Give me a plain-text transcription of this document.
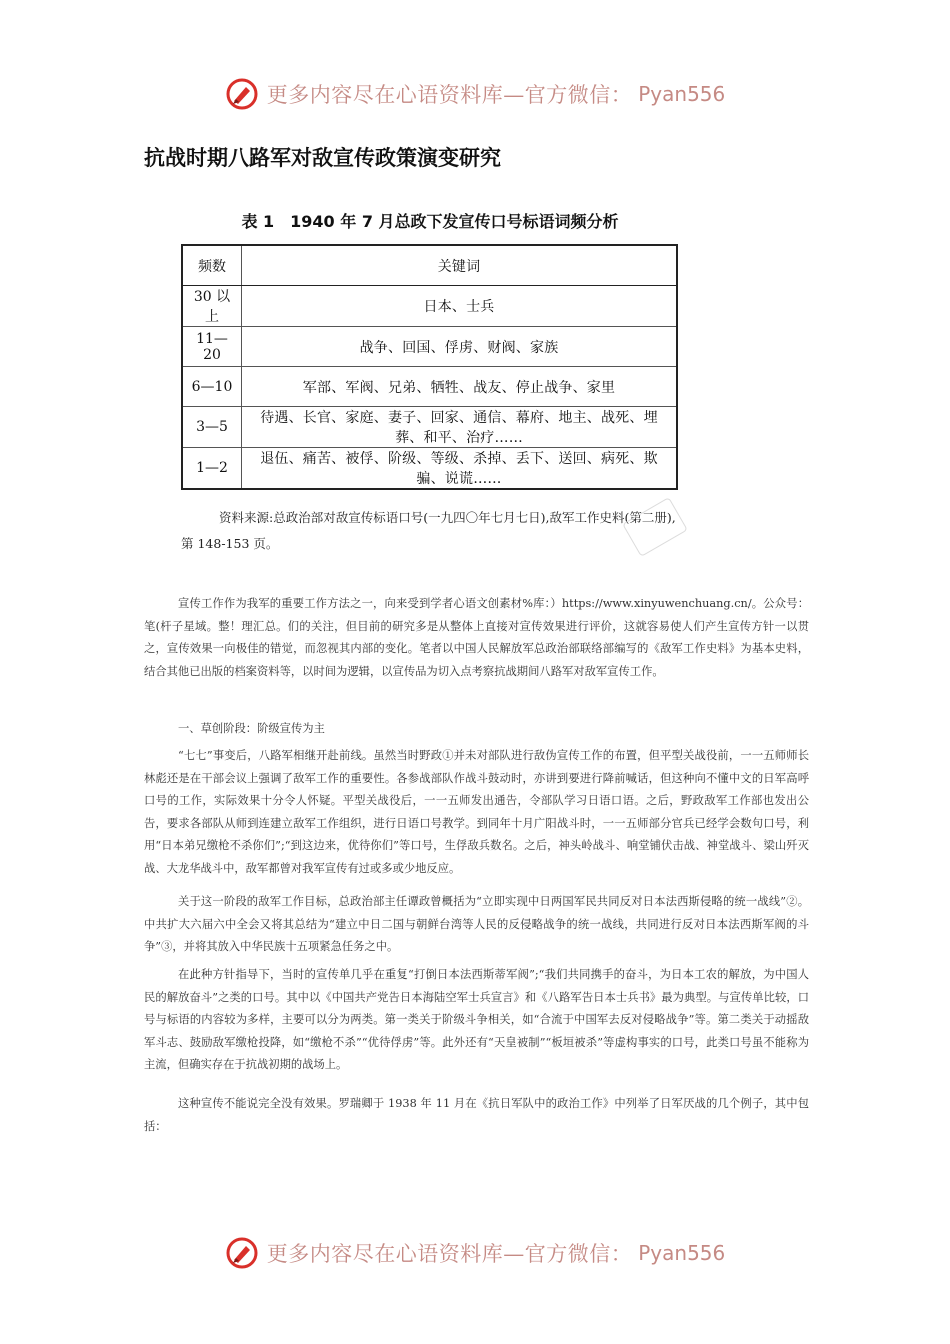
更多内容尽在心语资料库—官方微信： Pyan556
抗战时期八路军对敌宣传政策演变研究
表 1　1940 年 7 月总政下发宣传口号标语词频分析
频数	关键词
30 以上	日本、士兵
11—20	战争、回国、俘虏、财阀、家族
6—10	军部、军阀、兄弟、牺牲、战友、停止战争、家里
3—5	待遇、长官、家庭、妻子、回家、通信、幕府、地主、战死、埋葬、和平、治疗……
1—2	退伍、痛苦、被俘、阶级、等级、杀掉、丢下、送回、病死、欺骗、说谎……

资料来源:总政治部对敌宣传标语口号(一九四〇年七月七日),敌军工作史料(第二册),第 148-153 页。

宣传工作作为我军的重要工作方法之一，向来受到学者心语文创素材%库：）https://www.xinyuwenchuang.cn/。公众号：笔(杆子星域。整！理汇总。们的关注，但目前的研究多是从整体上直接对宣传效果进行评价，这就容易使人们产生宣传方针一以贯之，宣传效果一向极佳的错觉，而忽视其内部的变化。笔者以中国人民解放军总政治部联络部编写的《敌军工作史料》为基本史料，结合其他已出版的档案资料等，以时间为逻辑，以宣传品为切入点考察抗战期间八路军对敌军宣传工作。

一、草创阶段：阶级宣传为主

“七七”事变后，八路军相继开赴前线。虽然当时野政①并未对部队进行敌伪宣传工作的布置，但平型关战役前，一一五师师长林彪还是在干部会议上强调了敌军工作的重要性。各参战部队作战斗鼓动时，亦讲到要进行降前喊话，但这种向不懂中文的日军高呼口号的工作，实际效果十分令人怀疑。平型关战役后，一一五师发出通告，令部队学习日语口语。之后，野政敌军工作部也发出公告，要求各部队从师到连建立敌军工作组织，进行日语口号教学。到同年十月广阳战斗时，一一五师部分官兵已经学会数句口号，利用“日本弟兄缴枪不杀你们”;“到这边来，优待你们”等口号，生俘敌兵数名。之后，神头岭战斗、响堂铺伏击战、神堂战斗、梁山歼灭战、大龙华战斗中，敌军都曾对我军宣传有过或多或少地反应。

关于这一阶段的敌军工作目标，总政治部主任谭政曾概括为“立即实现中日两国军民共同反对日本法西斯侵略的统一战线”②。中共扩大六届六中全会又将其总结为“建立中日二国与朝鲜台湾等人民的反侵略战争的统一战线，共同进行反对日本法西斯军阀的斗争”③，并将其放入中华民族十五项紧急任务之中。

在此种方针指导下，当时的宣传单几乎在重复“打倒日本法西斯蒂军阀”;“我们共同携手的奋斗，为日本工农的解放，为中国人民的解放奋斗”之类的口号。其中以《中国共产党告日本海陆空军士兵宣言》和《八路军告日本士兵书》最为典型。与宣传单比较，口号与标语的内容较为多样，主要可以分为两类。第一类关于阶级斗争相关，如“合流于中国军去反对侵略战争”等。第二类关于动摇敌军斗志、鼓励敌军缴枪投降，如“缴枪不杀”“优待俘虏”等。此外还有“天皇被制”“板垣被杀”等虚构事实的口号，此类口号虽不能称为主流，但确实存在于抗战初期的战场上。

这种宣传不能说完全没有效果。罗瑞卿于 1938 年 11 月在《抗日军队中的政治工作》中列举了日军厌战的几个例子，其中包括：

更多内容尽在心语资料库—官方微信： Pyan556
